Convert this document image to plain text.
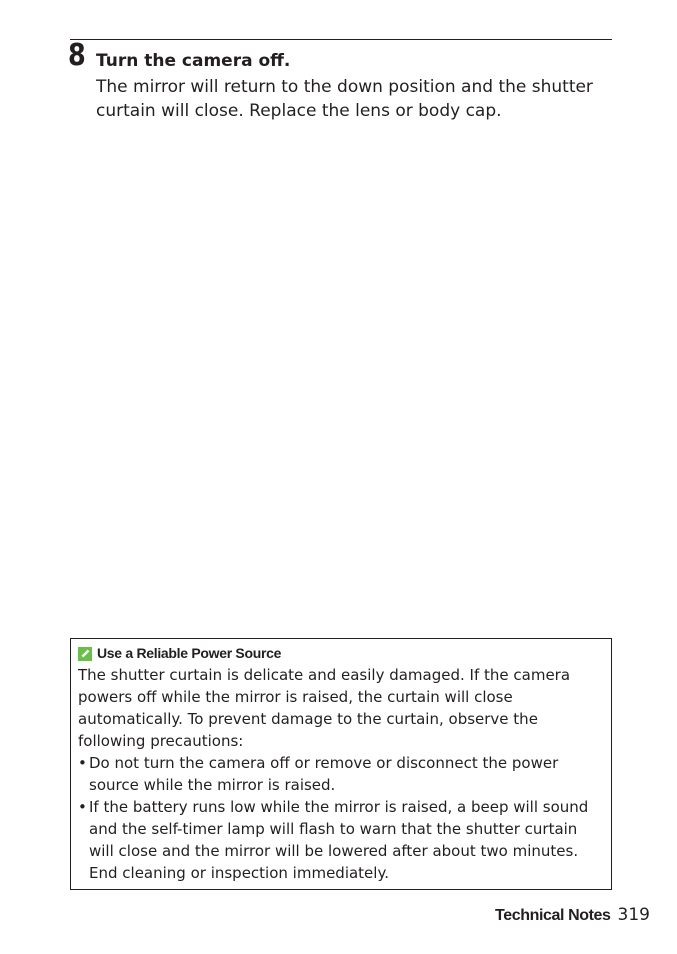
8 Turn the camera off.
The mirror will return to the down position and the shutter curtain will close. Replace the lens or body cap.
Use a Reliable Power Source

The shutter curtain is delicate and easily damaged. If the camera powers off while the mirror is raised, the curtain will close automatically. To prevent damage to the curtain, observe the following precautions:

• Do not turn the camera off or remove or disconnect the power source while the mirror is raised.
• If the battery runs low while the mirror is raised, a beep will sound and the self-timer lamp will flash to warn that the shutter curtain will close and the mirror will be lowered after about two minutes. End cleaning or inspection immediately.
Technical Notes 319
